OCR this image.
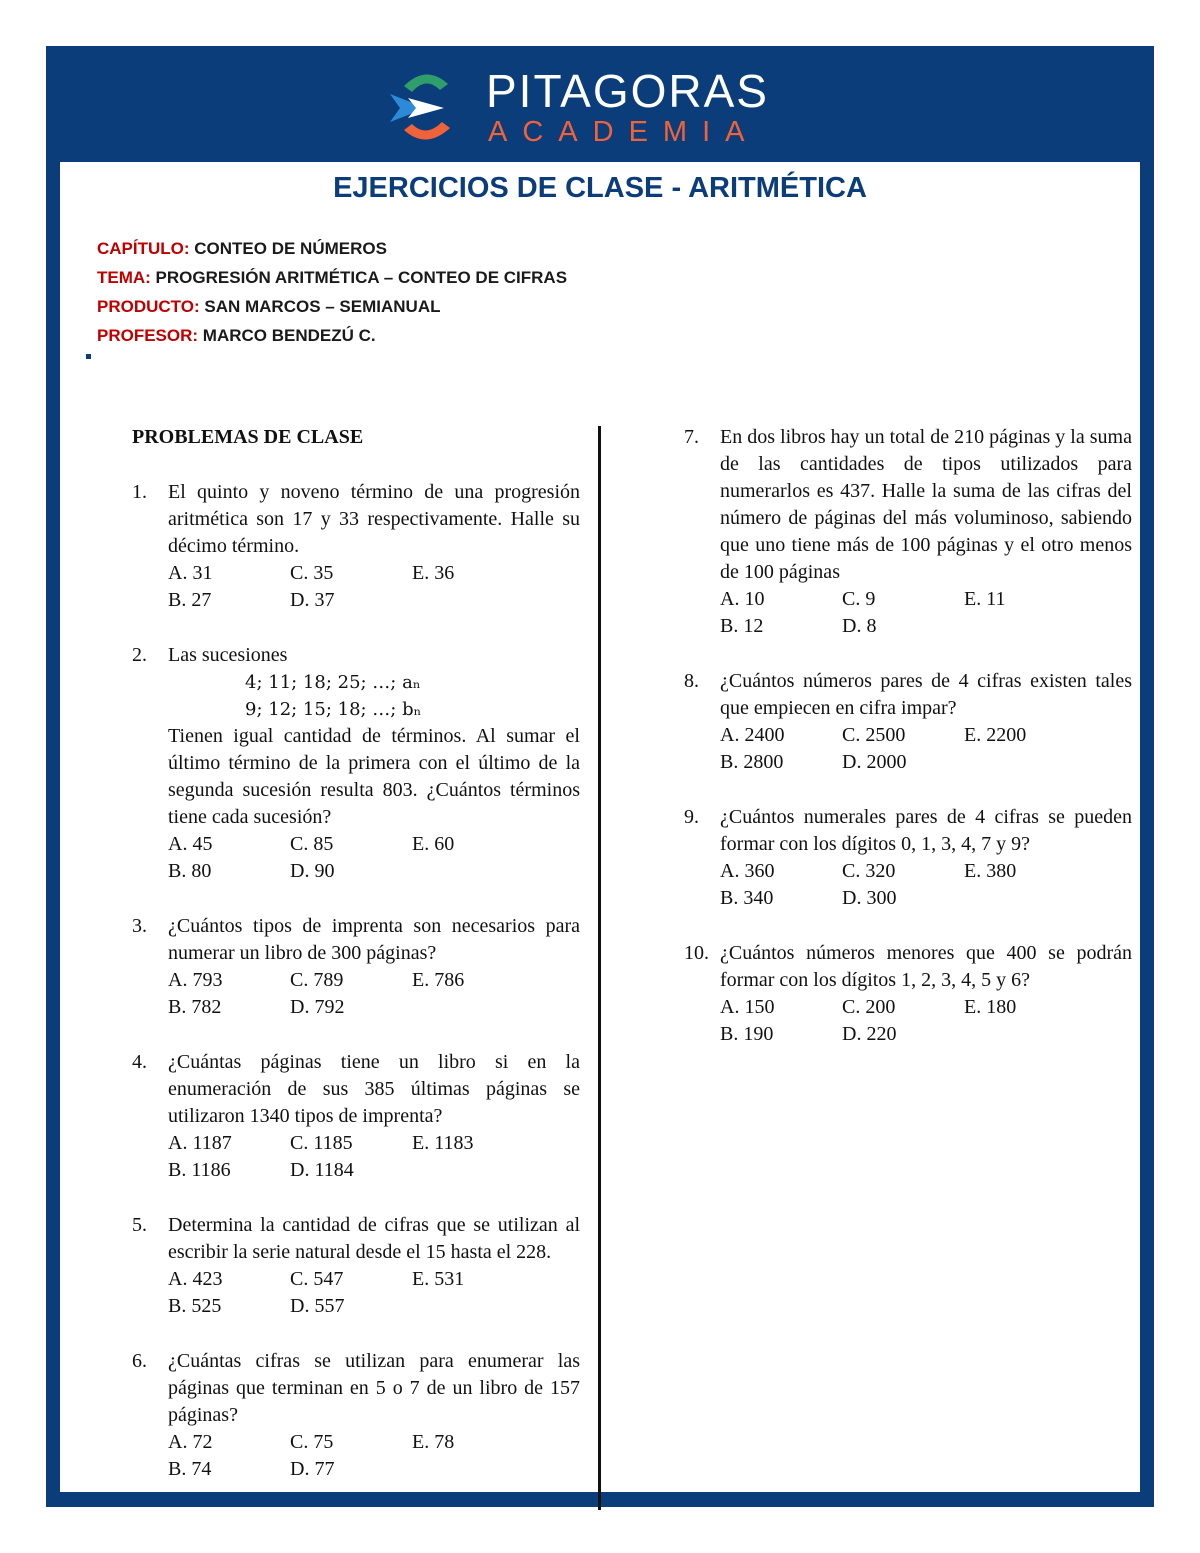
PITAGORAS
ACADEMIA
EJERCICIOS DE CLASE - ARITMÉTICA
CAPÍTULO: CONTEO DE NÚMEROS
TEMA: PROGRESIÓN ARITMÉTICA – CONTEO DE CIFRAS
PRODUCTO: SAN MARCOS – SEMIANUAL
PROFESOR: MARCO BENDEZÚ C.
PROBLEMAS DE CLASE
1. El quinto y noveno término de una progresión aritmética son 17 y 33 respectivamente. Halle su décimo término.
A. 31	C. 35	E. 36
B. 27	D. 37
2. Las sucesiones
4; 11; 18; 25; …; aₙ
9; 12; 15; 18; …; bₙ
Tienen igual cantidad de términos. Al sumar el último término de la primera con el último de la segunda sucesión resulta 803. ¿Cuántos términos tiene cada sucesión?
A. 45	C. 85	E. 60
B. 80	D. 90
3. ¿Cuántos tipos de imprenta son necesarios para numerar un libro de 300 páginas?
A. 793	C. 789	E. 786
B. 782	D. 792
4. ¿Cuántas páginas tiene un libro si en la enumeración de sus 385 últimas páginas se utilizaron 1340 tipos de imprenta?
A. 1187	C. 1185	E. 1183
B. 1186	D. 1184
5. Determina la cantidad de cifras que se utilizan al escribir la serie natural desde el 15 hasta el 228.
A. 423	C. 547	E. 531
B. 525	D. 557
6. ¿Cuántas cifras se utilizan para enumerar las páginas que terminan en 5 o 7 de un libro de 157 páginas?
A. 72	C. 75	E. 78
B. 74	D. 77
7. En dos libros hay un total de 210 páginas y la suma de las cantidades de tipos utilizados para numerarlos es 437. Halle la suma de las cifras del número de páginas del más voluminoso, sabiendo que uno tiene más de 100 páginas y el otro menos de 100 páginas
A. 10	C. 9	E. 11
B. 12	D. 8
8. ¿Cuántos números pares de 4 cifras existen tales que empiecen en cifra impar?
A. 2400	C. 2500	E. 2200
B. 2800	D. 2000
9. ¿Cuántos numerales pares de 4 cifras se pueden formar con los dígitos 0, 1, 3, 4, 7 y 9?
A. 360	C. 320	E. 380
B. 340	D. 300
10. ¿Cuántos números menores que 400 se podrán formar con los dígitos 1, 2, 3, 4, 5 y 6?
A. 150	C. 200	E. 180
B. 190	D. 220
